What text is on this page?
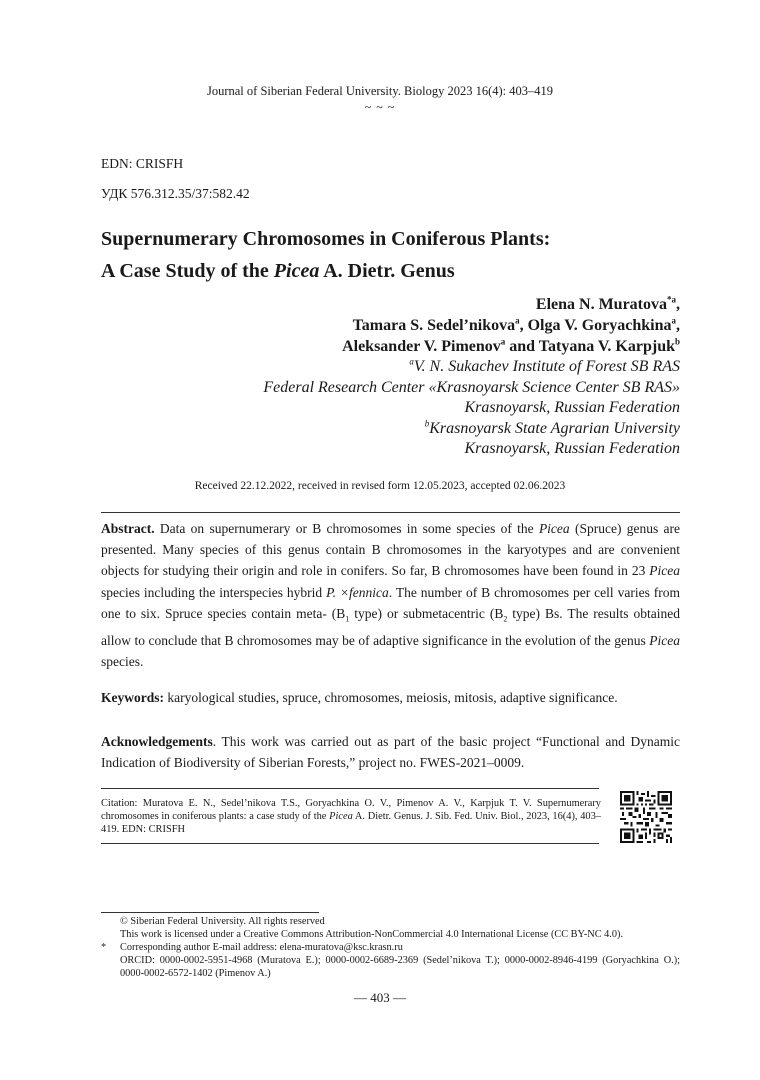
Journal of Siberian Federal University. Biology 2023 16(4): 403–419
~ ~ ~
EDN: CRISFH
УДК 576.312.35/37:582.42
Supernumerary Chromosomes in Coniferous Plants:
A Case Study of the Picea A. Dietr. Genus
Elena N. Muratova$^{*a}$,
Tamara S. Sedel’nikova$^a$, Olga V. Goryachkina$^a$,
Aleksander V. Pimenov$^a$ and Tatyana V. Karpjuk$^b$
$^a$V. N. Sukachev Institute of Forest SB RAS
Federal Research Center «Krasnoyarsk Science Center SB RAS»
Krasnoyarsk, Russian Federation
$^b$Krasnoyarsk State Agrarian University
Krasnoyarsk, Russian Federation
Received 22.12.2022, received in revised form 12.05.2023, accepted 02.06.2023
Abstract. Data on supernumerary or B chromosomes in some species of the Picea (Spruce) genus are presented. Many species of this genus contain B chromosomes in the karyotypes and are convenient objects for studying their origin and role in conifers. So far, B chromosomes have been found in 23 Picea species including the interspecies hybrid P. ×fennica. The number of B chromosomes per cell varies from one to six. Spruce species contain meta- ($B_1$ type) or submetacentric ($B_2$ type) Bs. The results obtained allow to conclude that B chromosomes may be of adaptive significance in the evolution of the genus Picea species.
Keywords: karyological studies, spruce, chromosomes, meiosis, mitosis, adaptive significance.
Acknowledgements. This work was carried out as part of the basic project “Functional and Dynamic Indication of Biodiversity of Siberian Forests,” project no. FWES-2021–0009.
Citation: Muratova E. N., Sedel’nikova T.S., Goryachkina O. V., Pimenov A. V., Karpjuk T. V. Supernumerary chromosomes in coniferous plants: a case study of the Picea A. Dietr. Genus. J. Sib. Fed. Univ. Biol., 2023, 16(4), 403–419. EDN: CRISFH
© Siberian Federal University. All rights reserved
This work is licensed under a Creative Commons Attribution-NonCommercial 4.0 International License (CC BY-NC 4.0).
*	Corresponding author E-mail address: elena-muratova@ksc.krasn.ru
ORCID: 0000-0002-5951-4968 (Muratova E.); 0000-0002-6689-2369 (Sedel’nikova T.); 0000-0002-8946-4199 (Goryachkina O.); 0000-0002-6572-1402 (Pimenov A.)
— 403 —
